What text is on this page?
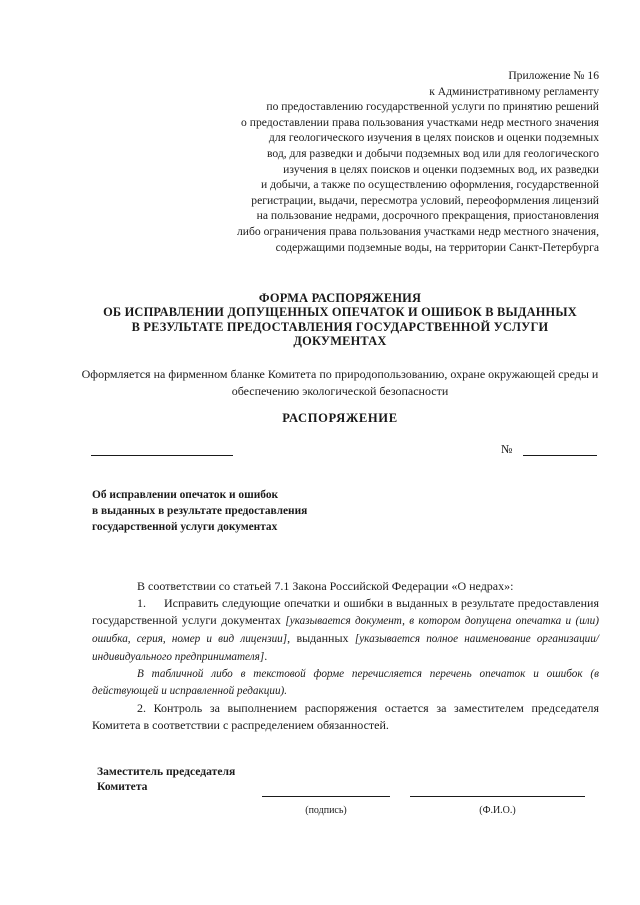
Приложение № 16
к Административному регламенту
по предоставлению государственной услуги по принятию решений
о предоставлении права пользования участками недр местного значения
для геологического изучения в целях поисков и оценки подземных
вод, для разведки и добычи подземных вод или для геологического
изучения в целях поисков и оценки подземных вод, их разведки
и добычи, а также по осуществлению оформления, государственной
регистрации, выдачи, пересмотра условий, переоформления лицензий
на пользование недрами, досрочного прекращения, приостановления
либо ограничения права пользования участками недр местного значения,
содержащими подземные воды, на территории Санкт-Петербурга
ФОРМА РАСПОРЯЖЕНИЯ
ОБ ИСПРАВЛЕНИИ ДОПУЩЕННЫХ ОПЕЧАТОК И ОШИБОК В ВЫДАННЫХ
В РЕЗУЛЬТАТЕ ПРЕДОСТАВЛЕНИЯ ГОСУДАРСТВЕННОЙ УСЛУГИ
ДОКУМЕНТАХ
Оформляется на фирменном бланке Комитета по природопользованию, охране окружающей среды и обеспечению экологической безопасности
РАСПОРЯЖЕНИЕ
№
Об исправлении опечаток и ошибок
в выданных в результате предоставления
государственной услуги документах
В соответствии со статьей 7.1 Закона Российской Федерации «О недрах»:
1.  Исправить следующие опечатки и ошибки в выданных в результате предоставления государственной услуги документах [указывается документ, в котором допущена опечатка и (или) ошибка, серия, номер и вид лицензии], выданных [указывается полное наименование организации/ индивидуального предпринимателя].
В табличной либо в текстовой форме перечисляется перечень опечаток и ошибок (в действующей и исправленной редакции).
2. Контроль за выполнением распоряжения остается за заместителем председателя Комитета в соответствии с распределением обязанностей.
Заместитель председателя
Комитета
(подпись)	(Ф.И.О.)
